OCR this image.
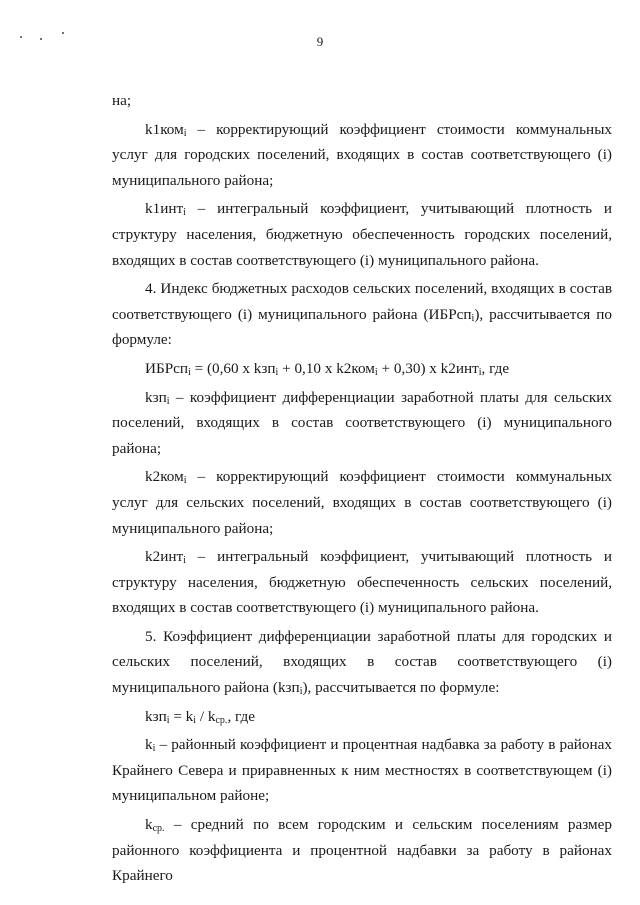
9

на;

k1ком$_i$ – корректирующий коэффициент стоимости коммунальных услуг для городских поселений, входящих в состав соответствующего (i) муниципального района;

k1инт$_i$ – интегральный коэффициент, учитывающий плотность и структуру населения, бюджетную обеспеченность городских поселений, входящих в состав соответствующего (i) муниципального района.

4. Индекс бюджетных расходов сельских поселений, входящих в состав соответствующего (i) муниципального района (ИБРсп$_i$), рассчитывается по формуле:

ИБРсп$_i$ = (0,60 x kзп$_i$ + 0,10 x k2ком$_i$ + 0,30) x k2инт$_i$, где

kзп$_i$ – коэффициент дифференциации заработной платы для сельских поселений, входящих в состав соответствующего (i) муниципального района;

k2ком$_i$ – корректирующий коэффициент стоимости коммунальных услуг для сельских поселений, входящих в состав соответствующего (i) муниципального района;

k2инт$_i$ – интегральный коэффициент, учитывающий плотность и структуру населения, бюджетную обеспеченность сельских поселений, входящих в состав соответствующего (i) муниципального района.

5. Коэффициент дифференциации заработной платы для городских и сельских поселений, входящих в состав соответствующего (i) муниципального района (kзп$_i$), рассчитывается по формуле:

$kзп_i = k_i / k_{ср.}$, где

$k_i$ – районный коэффициент и процентная надбавка за работу в районах Крайнего Севера и приравненных к ним местностях в соответствующем (i) муниципальном районе;

$k_{ср.}$ – средний по всем городским и сельским поселениям размер районного коэффициента и процентной надбавки за работу в районах Крайнего
